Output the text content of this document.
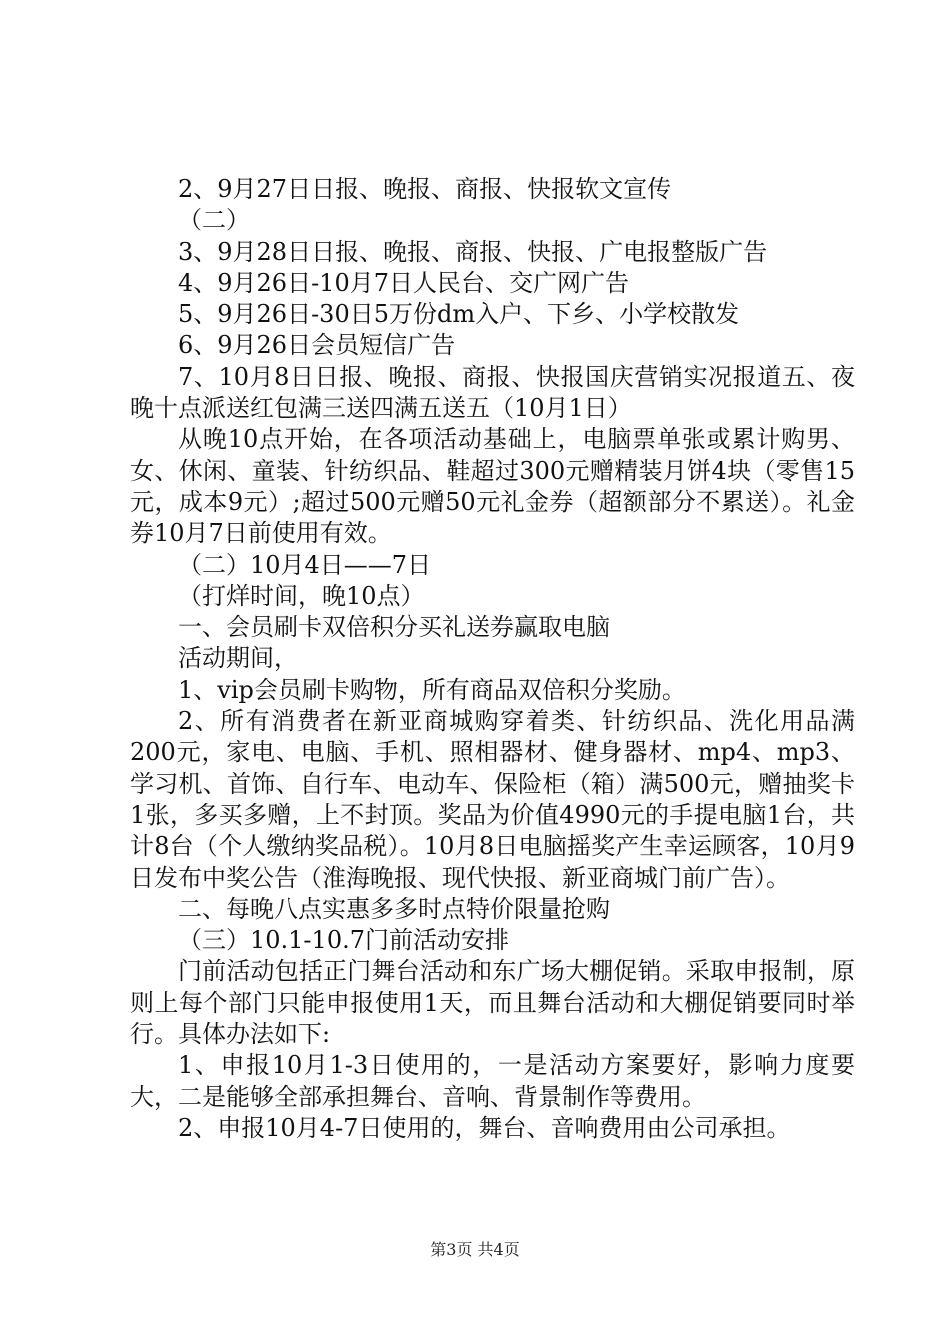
2、9月27日日报、晚报、商报、快报软文宣传

（二）

3、9月28日日报、晚报、商报、快报、广电报整版广告

4、9月26日-10月7日人民台、交广网广告

5、9月26日-30日5万份dm入户、下乡、小学校散发

6、9月26日会员短信广告

7、10月8日日报、晚报、商报、快报国庆营销实况报道五、夜晚十点派送红包满三送四满五送五（10月1日）

从晚10点开始，在各项活动基础上，电脑票单张或累计购男、女、休闲、童装、针纺织品、鞋超过300元赠精装月饼4块（零售15元，成本9元）;超过500元赠50元礼金券（超额部分不累送）。礼金券10月7日前使用有效。

（二）10月4日——7日

（打烊时间，晚10点）

一、会员刷卡双倍积分买礼送券赢取电脑

活动期间，

1、vip会员刷卡购物，所有商品双倍积分奖励。

2、所有消费者在新亚商城购穿着类、针纺织品、洗化用品满200元，家电、电脑、手机、照相器材、健身器材、mp4、mp3、学习机、首饰、自行车、电动车、保险柜（箱）满500元，赠抽奖卡1张，多买多赠，上不封顶。奖品为价值4990元的手提电脑1台，共计8台（个人缴纳奖品税）。10月8日电脑摇奖产生幸运顾客，10月9日发布中奖公告（淮海晚报、现代快报、新亚商城门前广告）。

二、每晚八点实惠多多时点特价限量抢购

（三）10.1-10.7门前活动安排

门前活动包括正门舞台活动和东广场大棚促销。采取申报制，原则上每个部门只能申报使用1天，而且舞台活动和大棚促销要同时举行。具体办法如下:

1、申报10月1-3日使用的，一是活动方案要好，影响力度要大，二是能够全部承担舞台、音响、背景制作等费用。

2、申报10月4-7日使用的，舞台、音响费用由公司承担。

第3页 共4页
